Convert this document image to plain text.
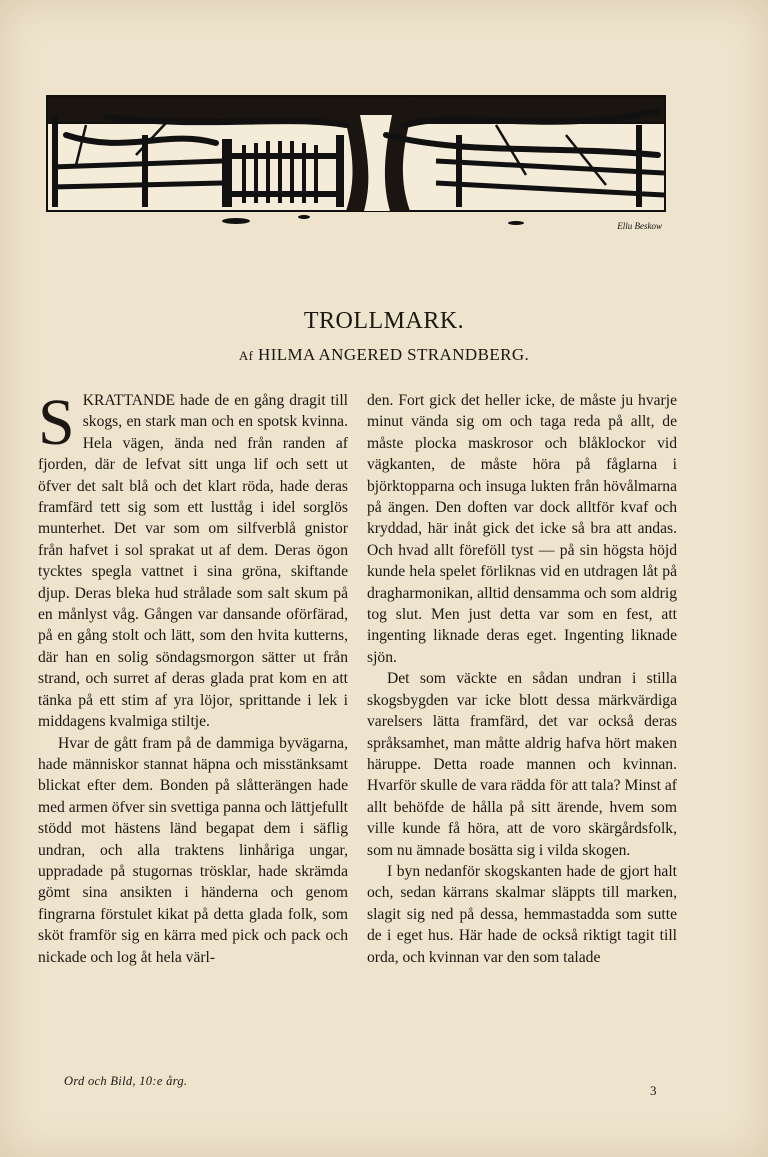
Ellu Beskow
TROLLMARK.
Af HILMA ANGERED STRANDBERG.

SKRATTANDE hade de en gång dragit till skogs, en stark man och en spotsk kvinna. Hela vägen, ända ned från randen af fjorden, där de lefvat sitt unga lif och sett ut öfver det salt blå och det klart röda, hade deras framfärd tett sig som ett lusttåg i idel sorglös munterhet. Det var som om silfverblå gnistor från hafvet i sol sprakat ut af dem. Deras ögon tycktes spegla vattnet i sina gröna, skiftande djup. Deras bleka hud strålade som salt skum på en månlyst våg. Gången var dansande oförfärad, på en gång stolt och lätt, som den hvita kutterns, där han en solig söndagsmorgon sätter ut från strand, och surret af deras glada prat kom en att tänka på ett stim af yra löjor, sprittande i lek i middagens kvalmiga stiltje.

Hvar de gått fram på de dammiga byvägarna, hade människor stannat häpna och misstänksamt blickat efter dem. Bonden på slåtterängen hade med armen öfver sin svettiga panna och lättjefullt stödd mot hästens länd begapat dem i säflig undran, och alla traktens linhåriga ungar, uppradade på stugornas trösklar, hade skrämda gömt sina ansikten i händerna och genom fingrarna förstulet kikat på detta glada folk, som sköt framför sig en kärra med pick och pack och nickade och log åt hela värl-

den. Fort gick det heller icke, de måste ju hvarje minut vända sig om och taga reda på allt, de måste plocka maskrosor och blåklockor vid vägkanten, de måste höra på fåglarna i björktopparna och insuga lukten från hövålmarna på ängen. Den doften var dock alltför kvaf och kryddad, här inåt gick det icke så bra att andas. Och hvad allt föreföll tyst — på sin högsta höjd kunde hela spelet förliknas vid en utdragen låt på dragharmonikan, alltid densamma och som aldrig tog slut. Men just detta var som en fest, att ingenting liknade deras eget. Ingenting liknade sjön.

Det som väckte en sådan undran i stilla skogsbygden var icke blott dessa märkvärdiga varelsers lätta framfärd, det var också deras språksamhet, man måtte aldrig hafva hört maken häruppe. Detta roade mannen och kvinnan. Hvarför skulle de vara rädda för att tala? Minst af allt behöfde de hålla på sitt ärende, hvem som ville kunde få höra, att de voro skärgårdsfolk, som nu ämnade bosätta sig i vilda skogen.

I byn nedanför skogskanten hade de gjort halt och, sedan kärrans skalmar släppts till marken, slagit sig ned på dessa, hemmastadda som sutte de i eget hus. Här hade de också riktigt tagit till orda, och kvinnan var den som talade

Ord och Bild, 10:e årg.
3
